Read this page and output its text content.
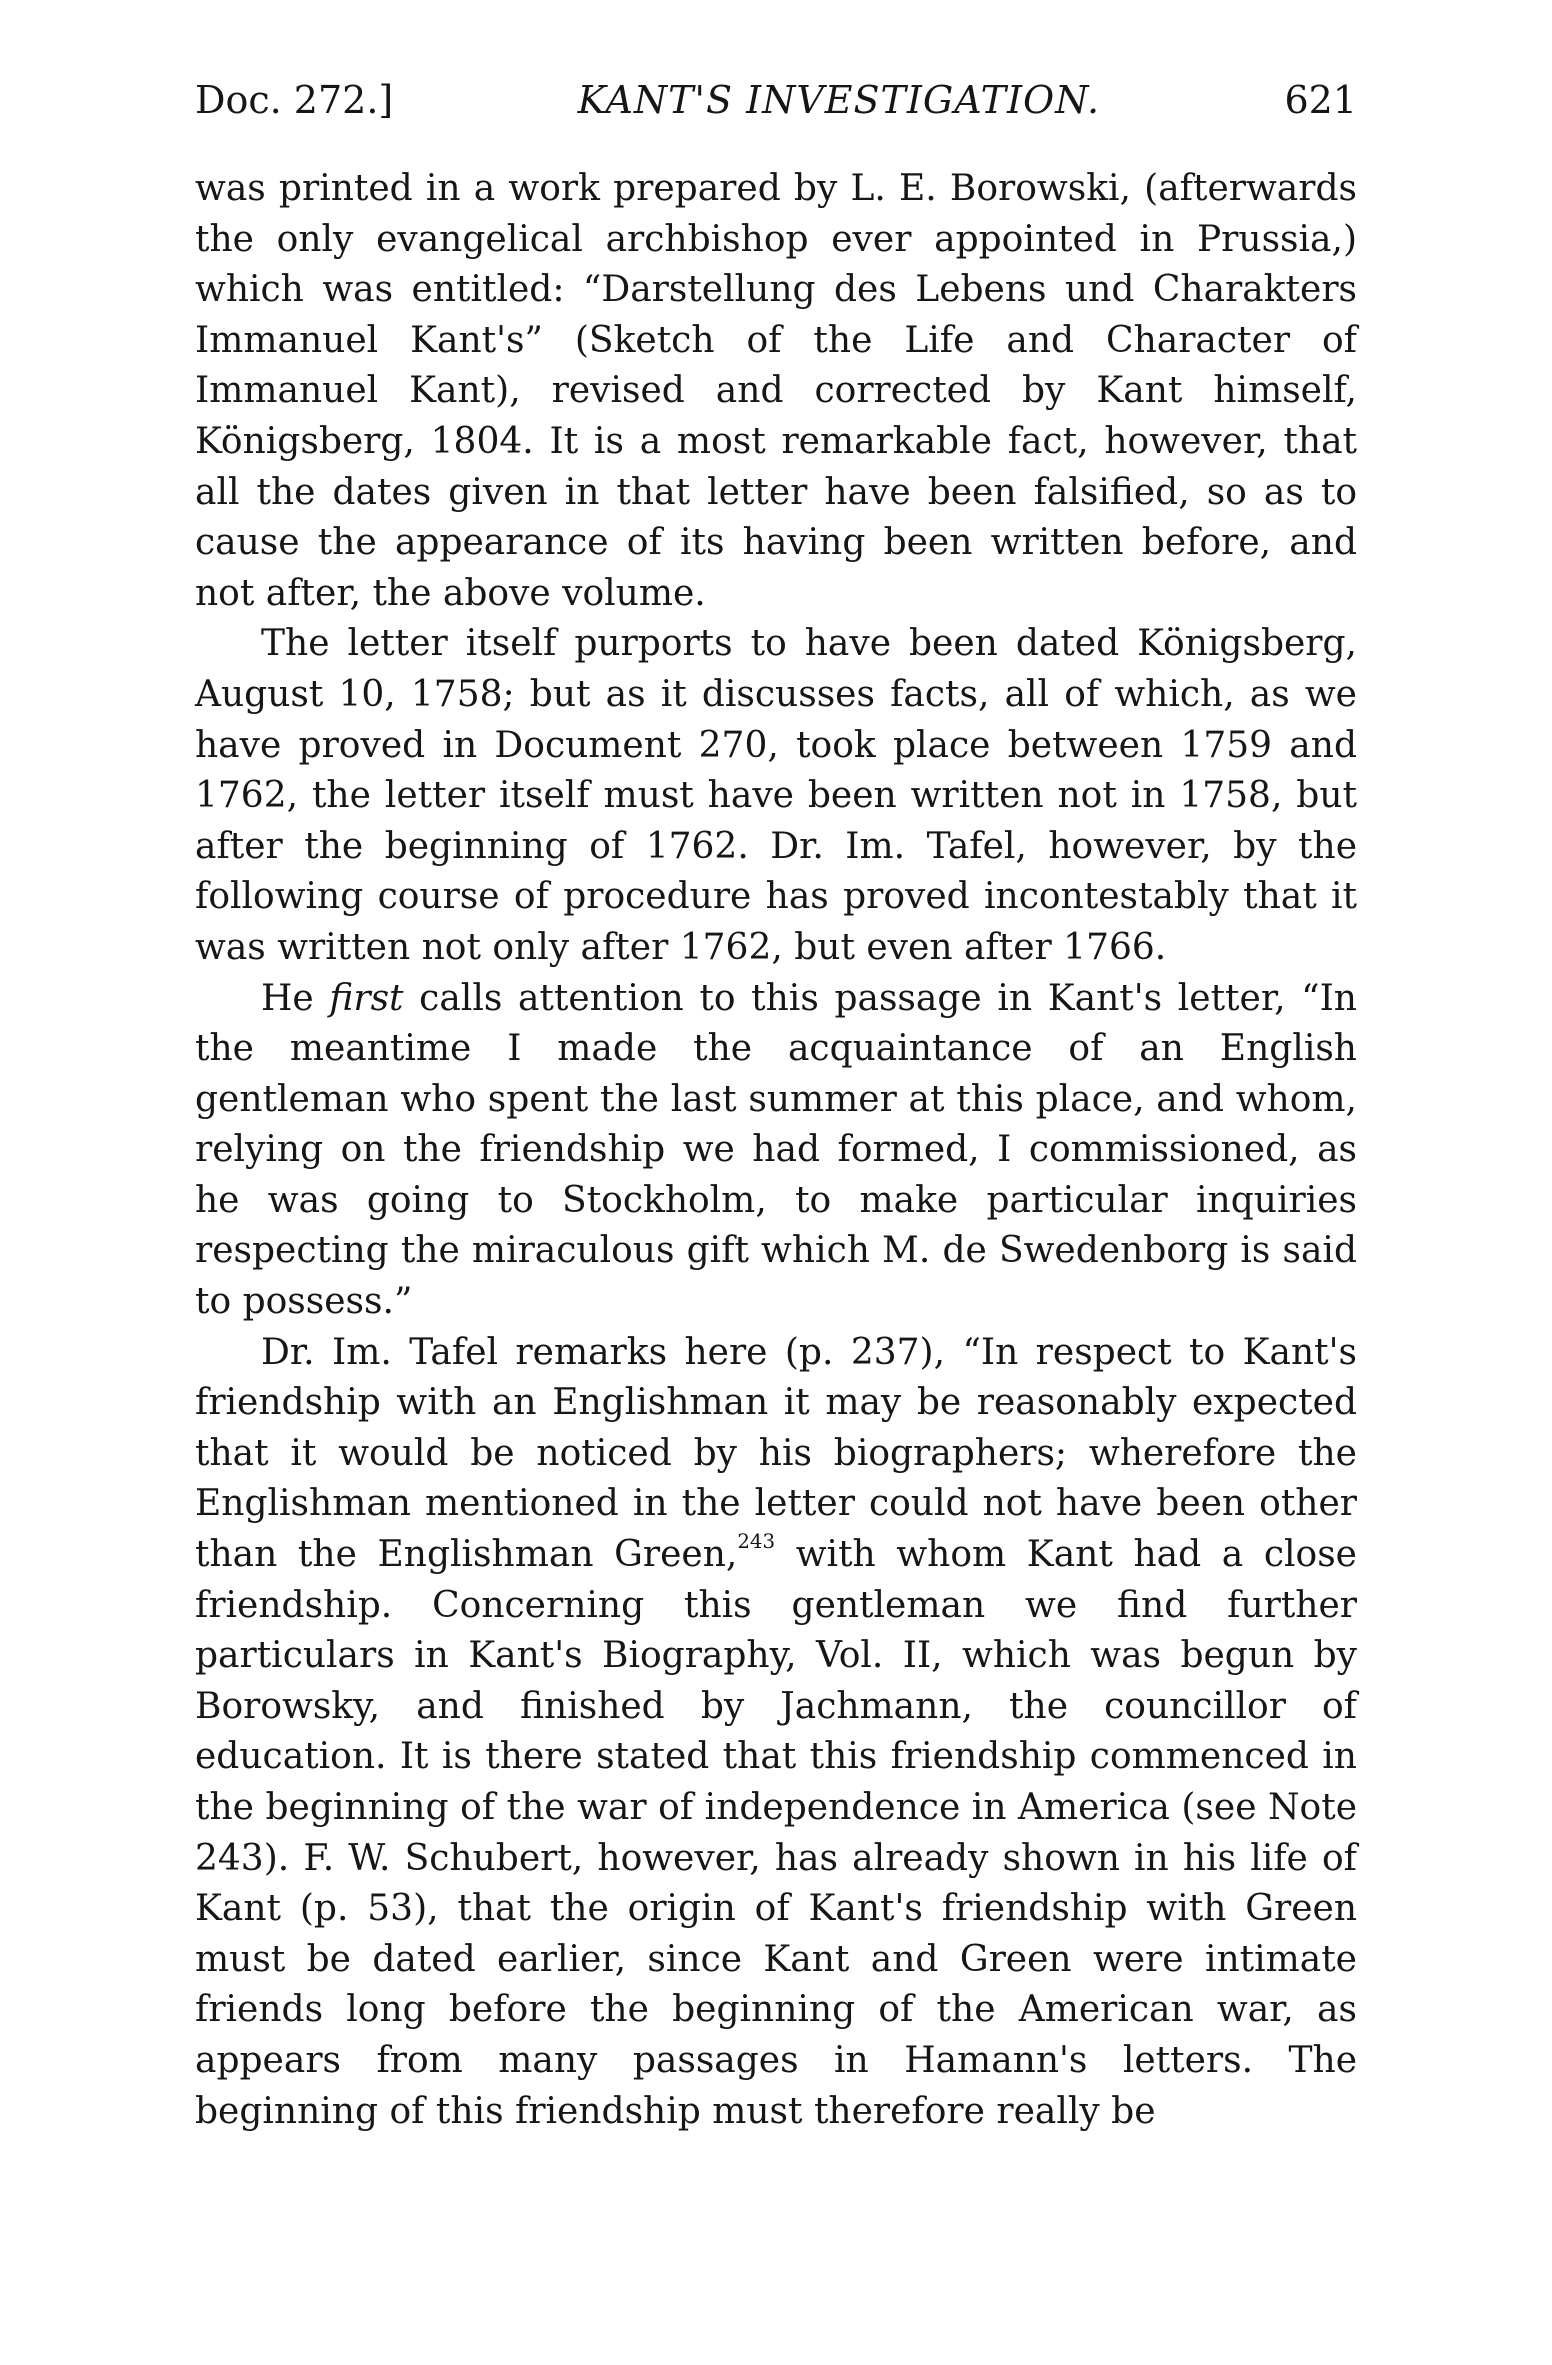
Doc. 272.]	KANT'S INVESTIGATION.	621

was printed in a work prepared by L. E. Borowski, (afterwards the only evangelical archbishop ever appointed in Prussia,) which was entitled: “Darstellung des Lebens und Charakters Immanuel Kant's” (Sketch of the Life and Character of Immanuel Kant), revised and corrected by Kant himself, Königsberg, 1804. It is a most remarkable fact, however, that all the dates given in that letter have been falsified, so as to cause the appearance of its having been written before, and not after, the above volume.

The letter itself purports to have been dated Königsberg, August 10, 1758; but as it discusses facts, all of which, as we have proved in Document 270, took place between 1759 and 1762, the letter itself must have been written not in 1758, but after the beginning of 1762. Dr. Im. Tafel, however, by the following course of procedure has proved incontestably that it was written not only after 1762, but even after 1766.

He first calls attention to this passage in Kant's letter, “In the meantime I made the acquaintance of an English gentleman who spent the last summer at this place, and whom, relying on the friendship we had formed, I commissioned, as he was going to Stockholm, to make particular inquiries respecting the miraculous gift which M. de Swedenborg is said to possess.”

Dr. Im. Tafel remarks here (p. 237), “In respect to Kant's friendship with an Englishman it may be reasonably expected that it would be noticed by his biographers; wherefore the Englishman mentioned in the letter could not have been other than the Englishman Green,$^{243}$ with whom Kant had a close friendship. Concerning this gentleman we find further particulars in Kant's Biography, Vol. II, which was begun by Borowsky, and finished by Jachmann, the councillor of education. It is there stated that this friendship commenced in the beginning of the war of independence in America (see Note 243). F. W. Schubert, however, has already shown in his life of Kant (p. 53), that the origin of Kant's friendship with Green must be dated earlier, since Kant and Green were intimate friends long before the beginning of the American war, as appears from many passages in Hamann's letters. The beginning of this friendship must therefore really be
